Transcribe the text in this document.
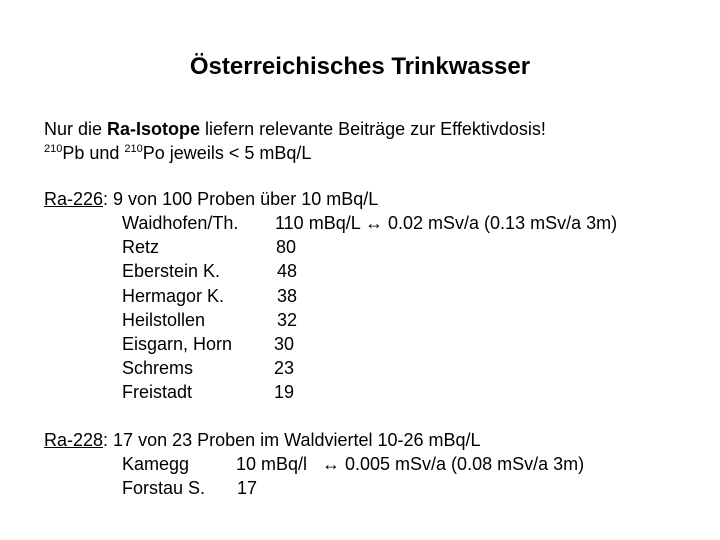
Österreichisches Trinkwasser
Nur die Ra-Isotope liefern relevante Beiträge zur Effektivdosis!
$^{210}$Pb und $^{210}$Po jeweils < 5 mBq/L
Ra-226: 9 von 100 Proben über 10 mBq/L
Waidhofen/Th. 110 mBq/L ↔ 0.02 mSv/a (0.13 mSv/a 3m)
Retz	80
Eberstein K.	48
Hermagor K.	38
Heilstollen	32
Eisgarn, Horn	30
Schrems	23
Freistadt	19
Ra-228: 17 von 23 Proben im Waldviertel 10-26 mBq/L
Kamegg	10 mBq/l ↔ 0.005 mSv/a (0.08 mSv/a 3m)
Forstau S. 17
